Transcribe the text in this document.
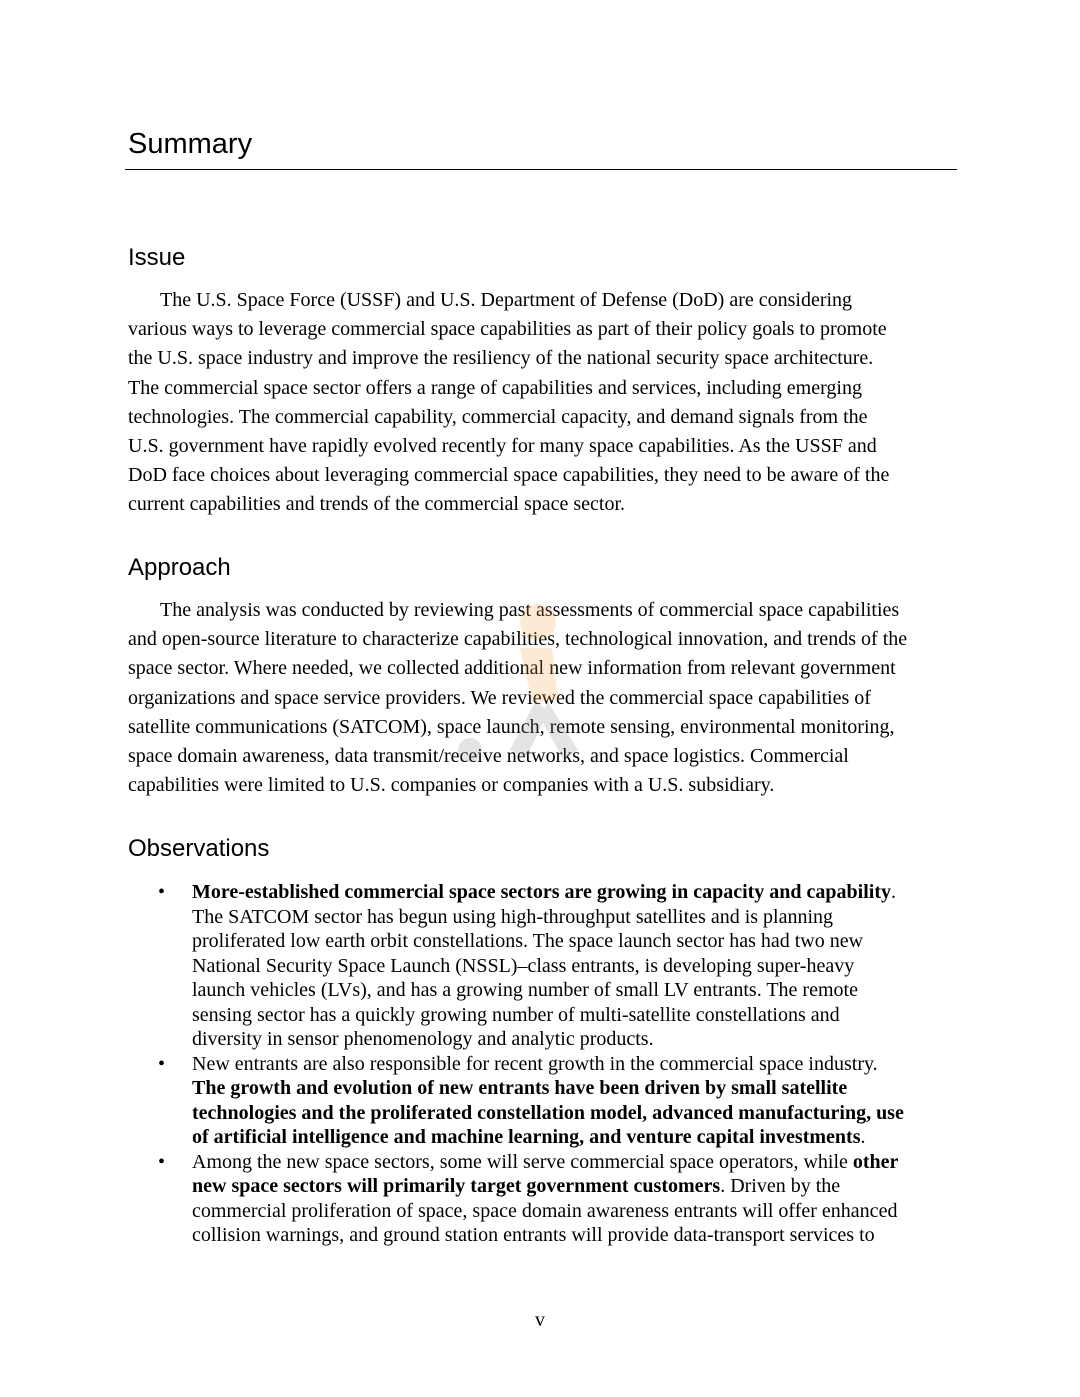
Summary
Issue

The U.S. Space Force (USSF) and U.S. Department of Defense (DoD) are considering
various ways to leverage commercial space capabilities as part of their policy goals to promote
the U.S. space industry and improve the resiliency of the national security space architecture.
The commercial space sector offers a range of capabilities and services, including emerging
technologies. The commercial capability, commercial capacity, and demand signals from the
U.S. government have rapidly evolved recently for many space capabilities. As the USSF and
DoD face choices about leveraging commercial space capabilities, they need to be aware of the
current capabilities and trends of the commercial space sector.

Approach

The analysis was conducted by reviewing past assessments of commercial space capabilities
and open-source literature to characterize capabilities, technological innovation, and trends of the
space sector. Where needed, we collected additional new information from relevant government
organizations and space service providers. We reviewed the commercial space capabilities of
satellite communications (SATCOM), space launch, remote sensing, environmental monitoring,
space domain awareness, data transmit/receive networks, and space logistics. Commercial
capabilities were limited to U.S. companies or companies with a U.S. subsidiary.

Observations
• More-established commercial space sectors are growing in capacity and capability.
The SATCOM sector has begun using high-throughput satellites and is planning
proliferated low earth orbit constellations. The space launch sector has had two new
National Security Space Launch (NSSL)–class entrants, is developing super-heavy
launch vehicles (LVs), and has a growing number of small LV entrants. The remote
sensing sector has a quickly growing number of multi-satellite constellations and
diversity in sensor phenomenology and analytic products.
• New entrants are also responsible for recent growth in the commercial space industry.
The growth and evolution of new entrants have been driven by small satellite
technologies and the proliferated constellation model, advanced manufacturing, use
of artificial intelligence and machine learning, and venture capital investments.
• Among the new space sectors, some will serve commercial space operators, while other
new space sectors will primarily target government customers. Driven by the
commercial proliferation of space, space domain awareness entrants will offer enhanced
collision warnings, and ground station entrants will provide data-transport services to

v
